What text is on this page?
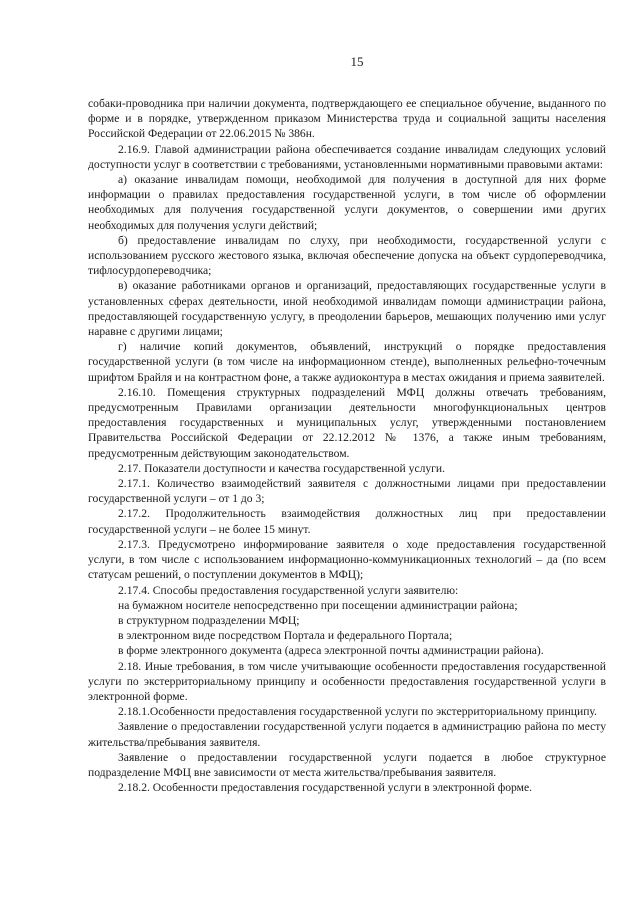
15

собаки-проводника при наличии документа, подтверждающего ее специальное обучение, выданного по форме и в порядке, утвержденном приказом Министерства труда и социальной защиты населения Российской Федерации от 22.06.2015 № 386н.

2.16.9. Главой администрации района обеспечивается создание инвалидам следующих условий доступности услуг в соответствии с требованиями, установленными нормативными правовыми актами:

а) оказание инвалидам помощи, необходимой для получения в доступной для них форме информации о правилах предоставления государственной услуги, в том числе об оформлении необходимых для получения государственной услуги документов, о совершении ими других необходимых для получения услуги действий;

б) предоставление инвалидам по слуху, при необходимости, государственной услуги с использованием русского жестового языка, включая обеспечение допуска на объект сурдопереводчика, тифлосурдопереводчика;

в) оказание работниками органов и организаций, предоставляющих государственные услуги в установленных сферах деятельности, иной необходимой инвалидам помощи администрации района, предоставляющей государственную услугу, в преодолении барьеров, мешающих получению ими услуг наравне с другими лицами;

г) наличие копий документов, объявлений, инструкций о порядке предоставления государственной услуги (в том числе на информационном стенде), выполненных рельефно-точечным шрифтом Брайля и на контрастном фоне, а также аудиоконтура в местах ожидания и приема заявителей.

2.16.10. Помещения структурных подразделений МФЦ должны отвечать требованиям, предусмотренным Правилами организации деятельности многофункциональных центров предоставления государственных и муниципальных услуг, утвержденными постановлением Правительства Российской Федерации от 22.12.2012 № 1376, а также иным требованиям, предусмотренным действующим законодательством.

2.17. Показатели доступности и качества государственной услуги.

2.17.1. Количество взаимодействий заявителя с должностными лицами при предоставлении государственной услуги – от 1 до 3;

2.17.2. Продолжительность взаимодействия должностных лиц при предоставлении государственной услуги – не более 15 минут.

2.17.3. Предусмотрено информирование заявителя о ходе предоставления государственной услуги, в том числе с использованием информационно-коммуникационных технологий – да (по всем статусам решений, о поступлении документов в МФЦ);

2.17.4. Способы предоставления государственной услуги заявителю:

на бумажном носителе непосредственно при посещении администрации района;

в структурном подразделении МФЦ;

в электронном виде посредством Портала и федерального Портала;

в форме электронного документа (адреса электронной почты администрации района).

2.18. Иные требования, в том числе учитывающие особенности предоставления государственной услуги по экстерриториальному принципу и особенности предоставления государственной услуги в электронной форме.

2.18.1.Особенности предоставления государственной услуги по экстерриториальному принципу.

Заявление о предоставлении государственной услуги подается в администрацию района по месту жительства/пребывания заявителя.

Заявление о предоставлении государственной услуги подается в любое структурное подразделение МФЦ вне зависимости от места жительства/пребывания заявителя.

2.18.2. Особенности предоставления государственной услуги в электронной форме.
